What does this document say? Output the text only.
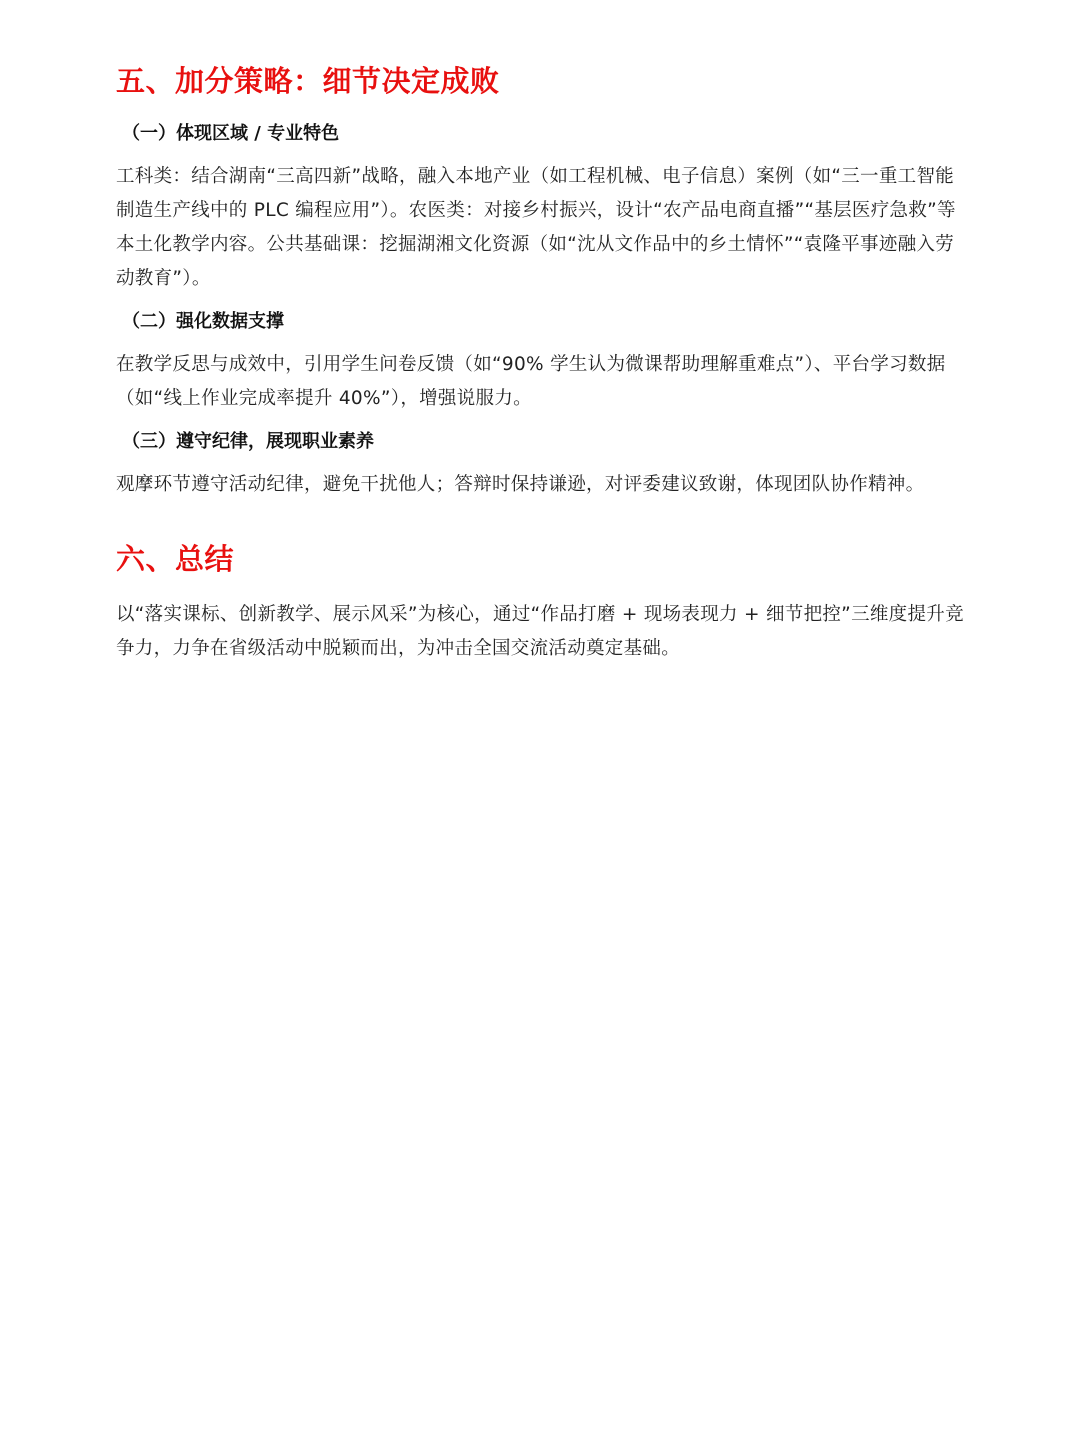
五、加分策略：细节决定成败
（一）体现区域 / 专业特色

工科类：结合湖南“三高四新”战略，融入本地产业（如工程机械、电子信息）案例（如“三一重工智能制造生产线中的 PLC 编程应用”）。农医类：对接乡村振兴，设计“农产品电商直播”“基层医疗急救”等本土化教学内容。公共基础课：挖掘湖湘文化资源（如“沈从文作品中的乡土情怀”“袁隆平事迹融入劳动教育”）。

（二）强化数据支撑

在教学反思与成效中，引用学生问卷反馈（如“90% 学生认为微课帮助理解重难点”）、平台学习数据（如“线上作业完成率提升 40%”），增强说服力。

（三）遵守纪律，展现职业素养

观摩环节遵守活动纪律，避免干扰他人；答辩时保持谦逊，对评委建议致谢，体现团队协作精神。

六、总结

以“落实课标、创新教学、展示风采”为核心，通过“作品打磨 + 现场表现力 + 细节把控”三维度提升竞争力，力争在省级活动中脱颖而出，为冲击全国交流活动奠定基础。
